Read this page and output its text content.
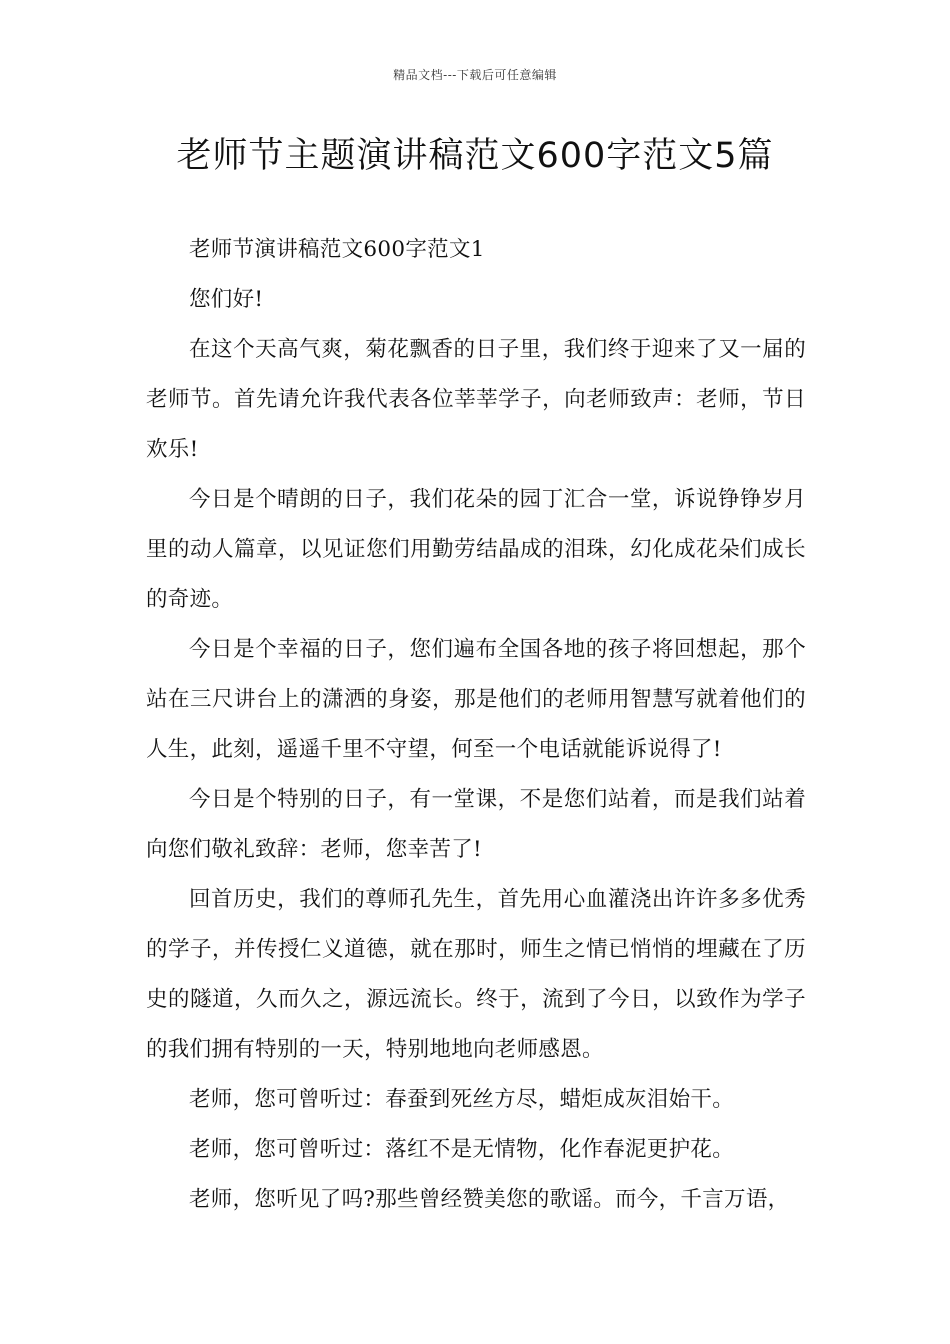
精品文档---下载后可任意编辑
老师节主题演讲稿范文600字范文5篇

老师节演讲稿范文600字范文1

您们好!

在这个天高气爽，菊花飘香的日子里，我们终于迎来了又一届的老师节。首先请允许我代表各位莘莘学子，向老师致声：老师，节日欢乐!

今日是个晴朗的日子，我们花朵的园丁汇合一堂，诉说铮铮岁月里的动人篇章，以见证您们用勤劳结晶成的泪珠，幻化成花朵们成长的奇迹。

今日是个幸福的日子，您们遍布全国各地的孩子将回想起，那个站在三尺讲台上的潇洒的身姿，那是他们的老师用智慧写就着他们的人生，此刻，遥遥千里不守望，何至一个电话就能诉说得了!

今日是个特别的日子，有一堂课，不是您们站着，而是我们站着向您们敬礼致辞：老师，您幸苦了!

回首历史，我们的尊师孔先生，首先用心血灌浇出许许多多优秀的学子，并传授仁义道德，就在那时，师生之情已悄悄的埋藏在了历史的隧道，久而久之，源远流长。终于，流到了今日，以致作为学子的我们拥有特别的一天，特别地地向老师感恩。

老师，您可曾听过：春蚕到死丝方尽，蜡炬成灰泪始干。

老师，您可曾听过：落红不是无情物，化作春泥更护花。

老师，您听见了吗?那些曾经赞美您的歌谣。而今，千言万语，
